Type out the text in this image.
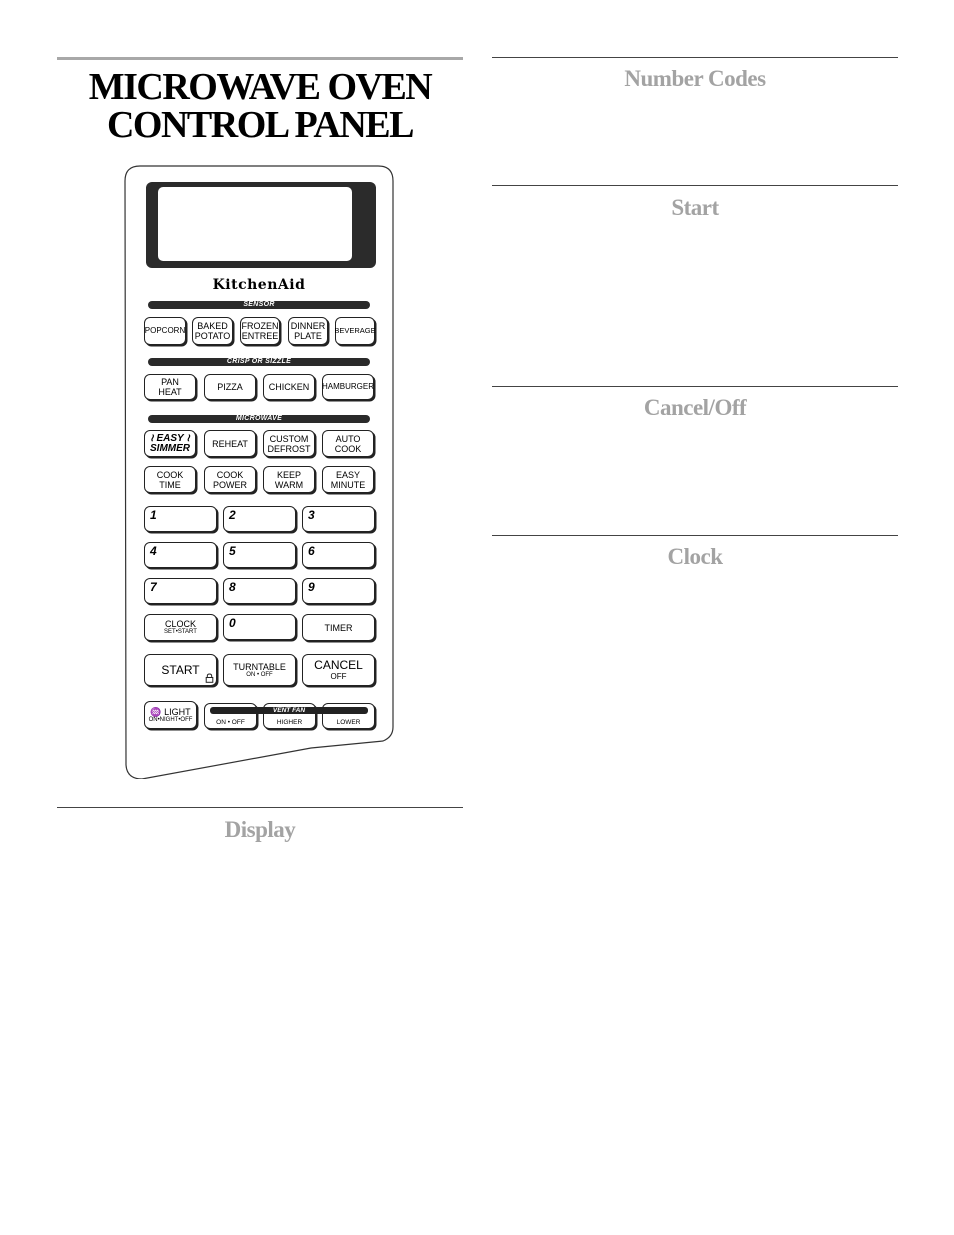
MICROWAVE OVEN
CONTROL PANEL
KitchenAid
SENSOR
POPCORN BAKED
POTATO
FROZEN
ENTREE
DINNER
PLATE
BEVERAGE
CRISP OR SIZZLE
PAN
HEAT	PIZZA	CHICKEN HAMBURGER
MICROWAVE
≀ EASY ≀
SIMMER REHEAT CUSTOM
DEFROST
AUTO
COOK
COOK
TIME
COOK
POWER
KEEP
WARM
EASY
MINUTE
1	2	3
4	5	6
7	8	9
CLOCK
SET•START
0	TIMER
START	TURNTABLE
ON • OFF
CANCEL
OFF
♒ LIGHT
ON•NIGHT•OFF	ON • OFF	HIGHER	LOWER
VENT FAN
Display
Number Codes
Start
Cancel/Off
Clock
